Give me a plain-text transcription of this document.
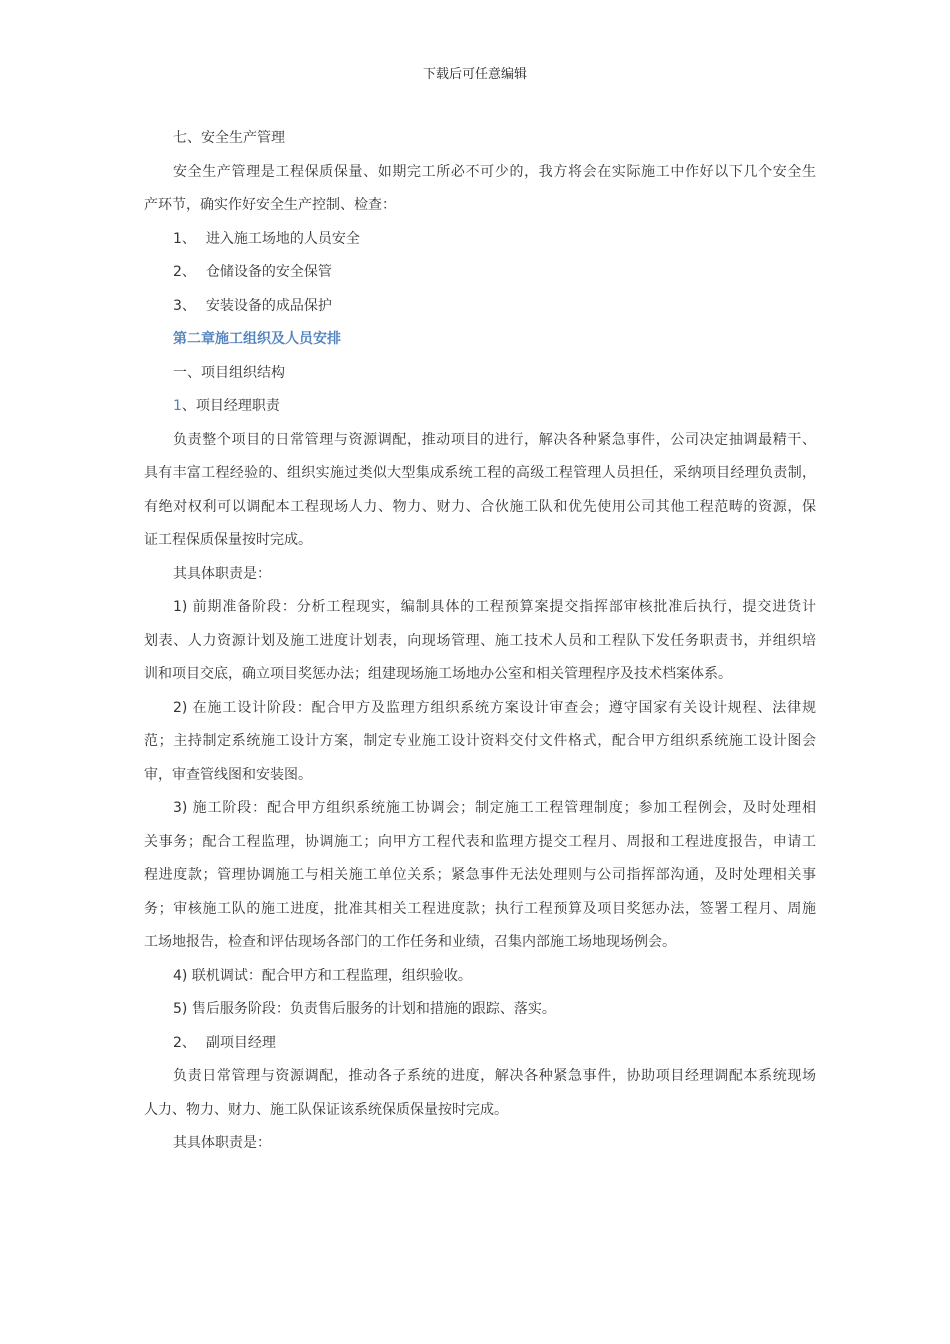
下载后可任意编辑
七、安全生产管理
安全生产管理是工程保质保量、如期完工所必不可少的，我方将会在实际施工中作好以下几个安全生
产环节，确实作好安全生产控制、检查：
1、 进入施工场地的人员安全
2、 仓储设备的安全保管
3、 安装设备的成品保护
第二章施工组织及人员安排
一、项目组织结构
1、项目经理职责
负责整个项目的日常管理与资源调配，推动项目的进行，解决各种紧急事件，公司决定抽调最精干、
具有丰富工程经验的、组织实施过类似大型集成系统工程的高级工程管理人员担任，采纳项目经理负责制，
有绝对权利可以调配本工程现场人力、物力、财力、合伙施工队和优先使用公司其他工程范畴的资源，保
证工程保质保量按时完成。
其具体职责是：
1) 前期准备阶段：分析工程现实，编制具体的工程预算案提交指挥部审核批准后执行，提交进货计
划表、人力资源计划及施工进度计划表，向现场管理、施工技术人员和工程队下发任务职责书，并组织培
训和项目交底，确立项目奖惩办法；组建现场施工场地办公室和相关管理程序及技术档案体系。
2) 在施工设计阶段：配合甲方及监理方组织系统方案设计审查会；遵守国家有关设计规程、法律规
范；主持制定系统施工设计方案，制定专业施工设计资料交付文件格式，配合甲方组织系统施工设计图会
审，审查管线图和安装图。
3) 施工阶段：配合甲方组织系统施工协调会；制定施工工程管理制度；参加工程例会，及时处理相
关事务；配合工程监理，协调施工；向甲方工程代表和监理方提交工程月、周报和工程进度报告，申请工
程进度款；管理协调施工与相关施工单位关系；紧急事件无法处理则与公司指挥部沟通，及时处理相关事
务；审核施工队的施工进度，批准其相关工程进度款；执行工程预算及项目奖惩办法，签署工程月、周施
工场地报告，检查和评估现场各部门的工作任务和业绩，召集内部施工场地现场例会。
4) 联机调试：配合甲方和工程监理，组织验收。
5) 售后服务阶段：负责售后服务的计划和措施的跟踪、落实。
2、 副项目经理
负责日常管理与资源调配，推动各子系统的进度，解决各种紧急事件，协助项目经理调配本系统现场
人力、物力、财力、施工队保证该系统保质保量按时完成。
其具体职责是：
